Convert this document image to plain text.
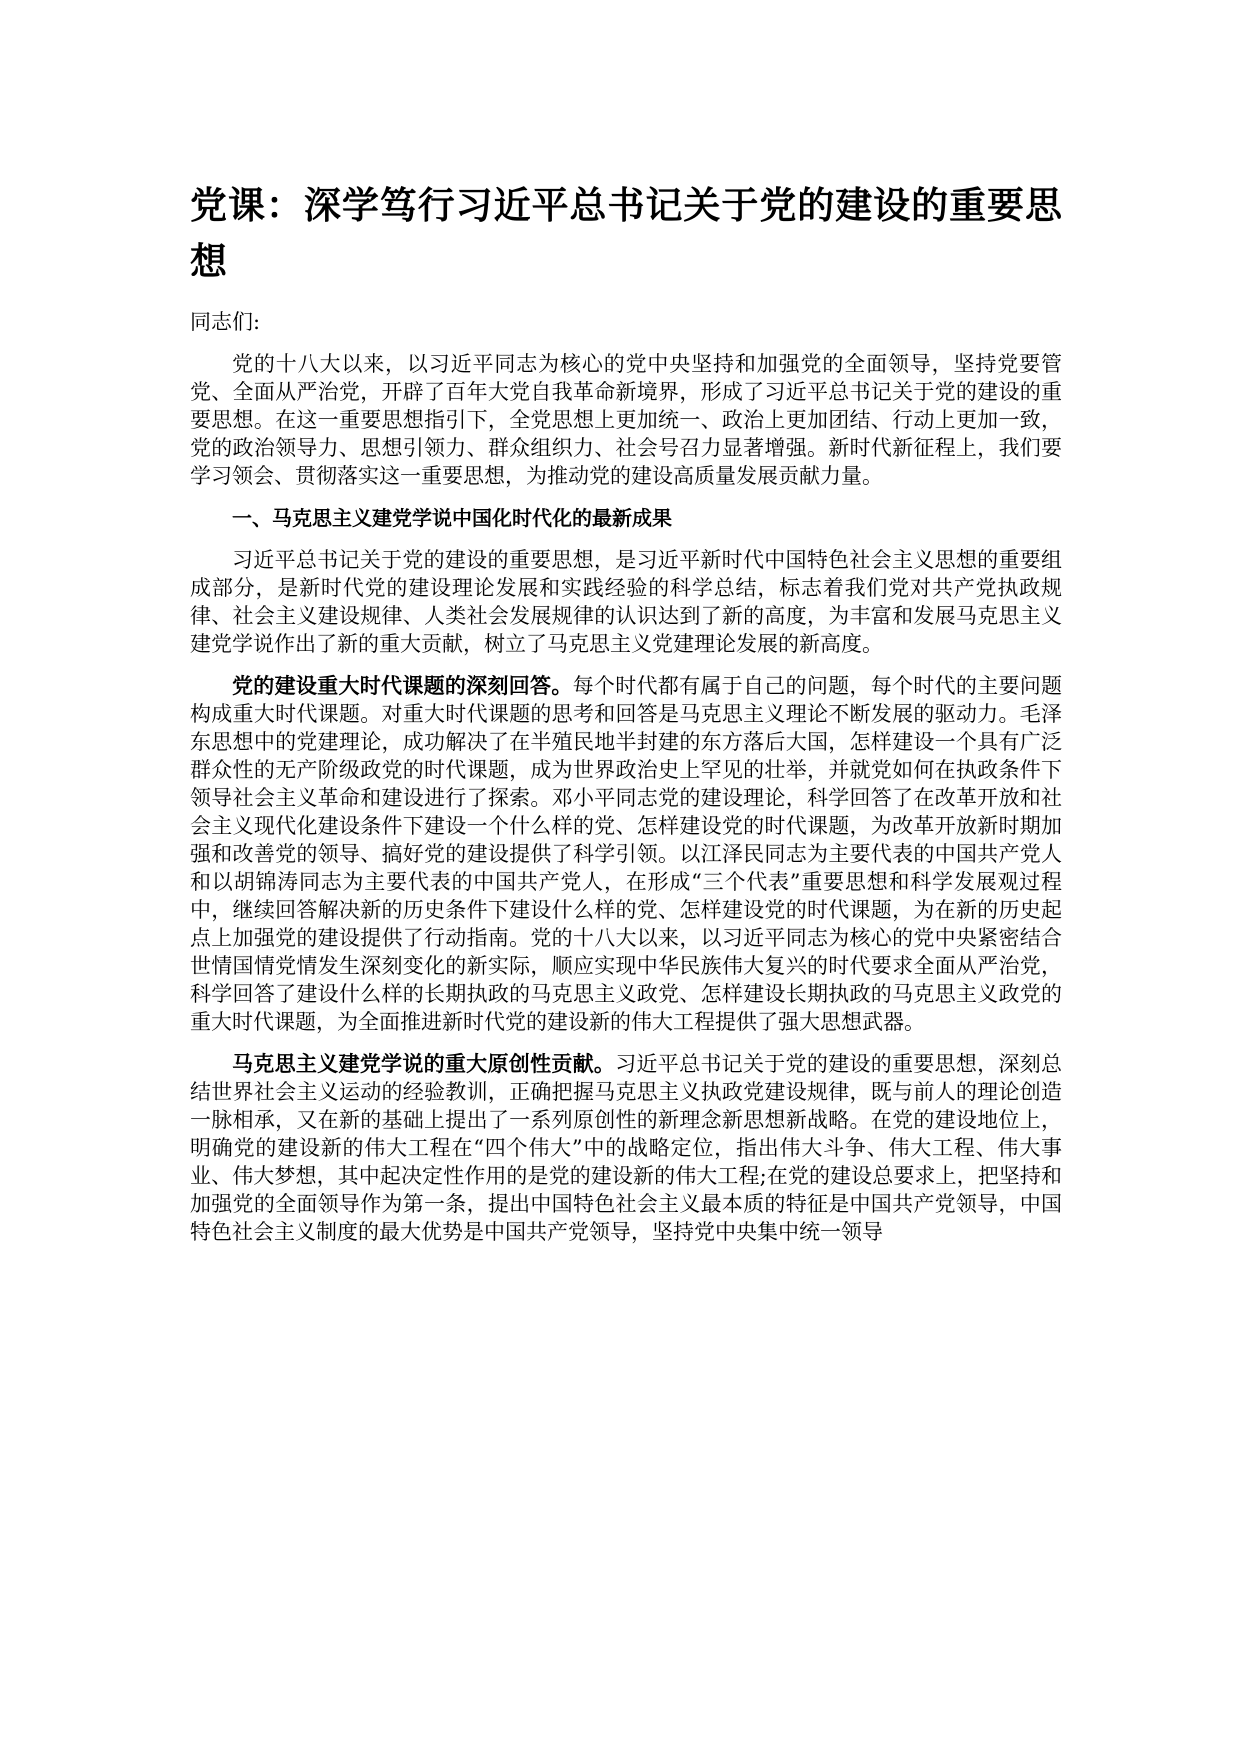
党课：深学笃行习近平总书记关于党的建设的重要思想

同志们:

党的十八大以来，以习近平同志为核心的党中央坚持和加强党的全面领导，坚持党要管党、全面从严治党，开辟了百年大党自我革命新境界，形成了习近平总书记关于党的建设的重要思想。在这一重要思想指引下，全党思想上更加统一、政治上更加团结、行动上更加一致，党的政治领导力、思想引领力、群众组织力、社会号召力显著增强。新时代新征程上，我们要学习领会、贯彻落实这一重要思想，为推动党的建设高质量发展贡献力量。

一、马克思主义建党学说中国化时代化的最新成果

习近平总书记关于党的建设的重要思想，是习近平新时代中国特色社会主义思想的重要组成部分，是新时代党的建设理论发展和实践经验的科学总结，标志着我们党对共产党执政规律、社会主义建设规律、人类社会发展规律的认识达到了新的高度，为丰富和发展马克思主义建党学说作出了新的重大贡献，树立了马克思主义党建理论发展的新高度。

党的建设重大时代课题的深刻回答。每个时代都有属于自己的问题，每个时代的主要问题构成重大时代课题。对重大时代课题的思考和回答是马克思主义理论不断发展的驱动力。毛泽东思想中的党建理论，成功解决了在半殖民地半封建的东方落后大国，怎样建设一个具有广泛群众性的无产阶级政党的时代课题，成为世界政治史上罕见的壮举，并就党如何在执政条件下领导社会主义革命和建设进行了探索。邓小平同志党的建设理论，科学回答了在改革开放和社会主义现代化建设条件下建设一个什么样的党、怎样建设党的时代课题，为改革开放新时期加强和改善党的领导、搞好党的建设提供了科学引领。以江泽民同志为主要代表的中国共产党人和以胡锦涛同志为主要代表的中国共产党人，在形成“三个代表”重要思想和科学发展观过程中，继续回答解决新的历史条件下建设什么样的党、怎样建设党的时代课题，为在新的历史起点上加强党的建设提供了行动指南。党的十八大以来，以习近平同志为核心的党中央紧密结合世情国情党情发生深刻变化的新实际，顺应实现中华民族伟大复兴的时代要求全面从严治党，科学回答了建设什么样的长期执政的马克思主义政党、怎样建设长期执政的马克思主义政党的重大时代课题，为全面推进新时代党的建设新的伟大工程提供了强大思想武器。

马克思主义建党学说的重大原创性贡献。习近平总书记关于党的建设的重要思想，深刻总结世界社会主义运动的经验教训，正确把握马克思主义执政党建设规律，既与前人的理论创造一脉相承，又在新的基础上提出了一系列原创性的新理念新思想新战略。在党的建设地位上，明确党的建设新的伟大工程在“四个伟大”中的战略定位，指出伟大斗争、伟大工程、伟大事业、伟大梦想，其中起决定性作用的是党的建设新的伟大工程;在党的建设总要求上，把坚持和加强党的全面领导作为第一条，提出中国特色社会主义最本质的特征是中国共产党领导，中国特色社会主义制度的最大优势是中国共产党领导，坚持党中央集中统一领导
